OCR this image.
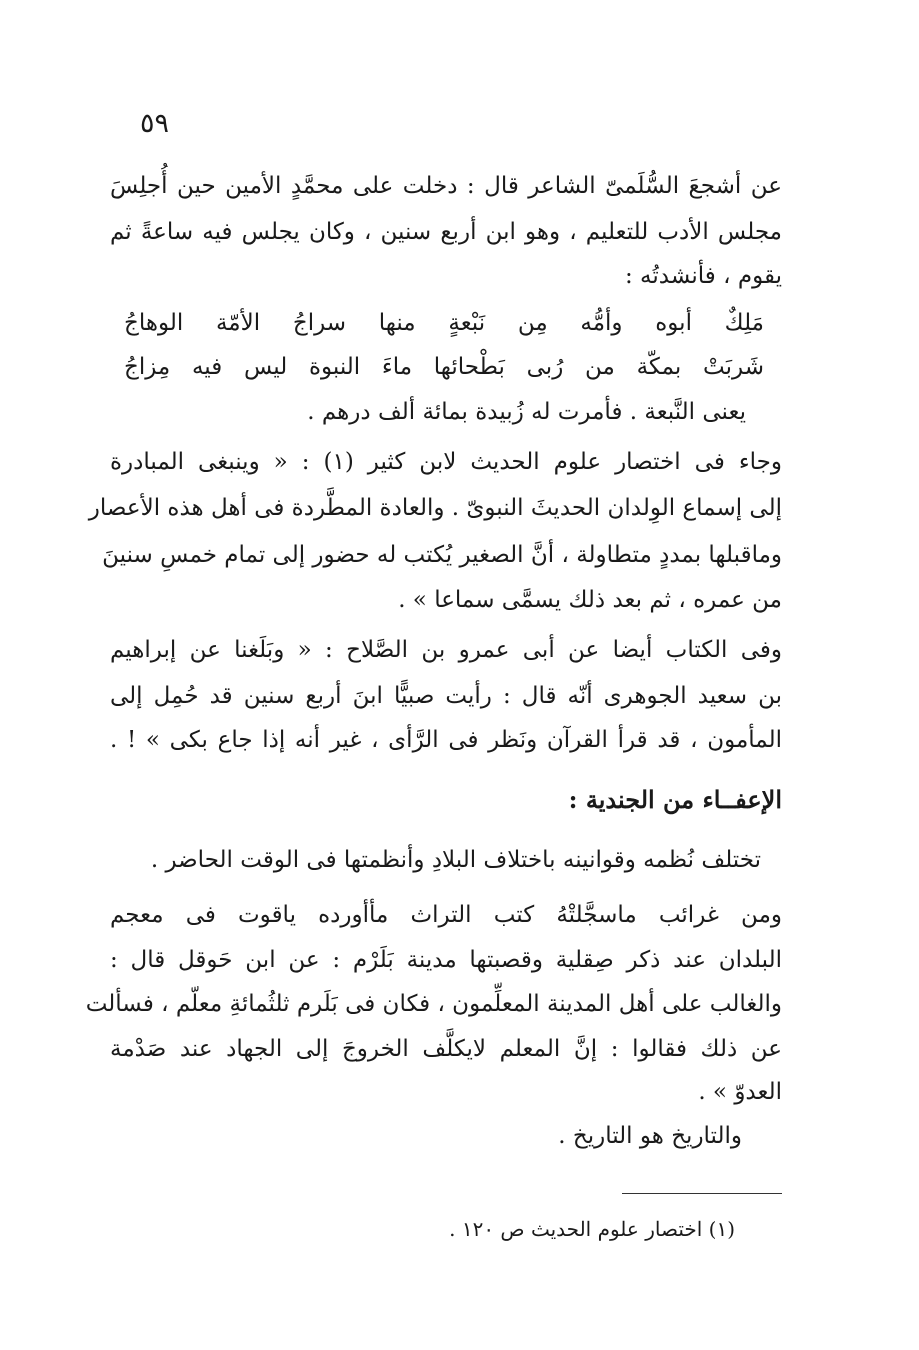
٥٩
عن أشجعَ السُّلَمىّ الشاعر قال : دخلت على محمَّدٍ الأمين حين أُجلِسَ
مجلس الأدب للتعليم ، وهو ابن أربع سنين ، وكان يجلس فيه ساعةً ثم
يقوم ، فأنشدتُه :
مَلِكٌ أبوه وأمُّه مِن نَبْعةٍ منها سراجُ الأمّة الوهاجُ
شَربَتْ بمكّة من رُبى بَطْحائها ماءَ النبوة ليس فيه مِزاجُ
يعنى النَّبعة . فأمرت له زُبيدة بمائة ألف درهم .
وجاء فى اختصار علوم الحديث لابن كثير (١) : « وينبغى المبادرة
إلى إسماع الوِلدان الحديثَ النبوىّ . والعادة المطَّردة فى أهل هذه الأعصار
وماقبلها بمددٍ متطاولة ، أنَّ الصغير يُكتب له حضور إلى تمام خمسِ سنينَ
من عمره ، ثم بعد ذلك يسمَّى سماعا » .
وفى الكتاب أيضا عن أبى عمرو بن الصَّلاح : « وبَلَغنا عن إبراهيم
بن سعيد الجوهرى أنّه قال : رأيت صبيًّا ابنَ أربع سنين قد حُمِل إلى
المأمون ، قد قرأ القرآن ونَظر فى الرَّأى ، غير أنه إذا جاع بكى » ! .
الإعفــاء من الجندية :
تختلف نُظمه وقوانينه باختلاف البلادِ وأنظمتها فى الوقت الحاضر .
ومن غرائب ماسجَّلتْهُ كتب التراث مأأورده ياقوت فى معجم
البلدان عند ذكر صِقلية وقصبتها مدينة بَلَرْم : عن ابن حَوقل قال :
والغالب على أهل المدينة المعلِّمون ، فكان فى بَلَرم ثلثُمائةِ معلّم ، فسألت
عن ذلك فقالوا : إنَّ المعلم لايكلَّف الخروجَ إلى الجهاد عند صَدْمة
العدوّ » .
والتاريخ هو التاريخ .
(١) اختصار علوم الحديث ص ١٢٠ .
